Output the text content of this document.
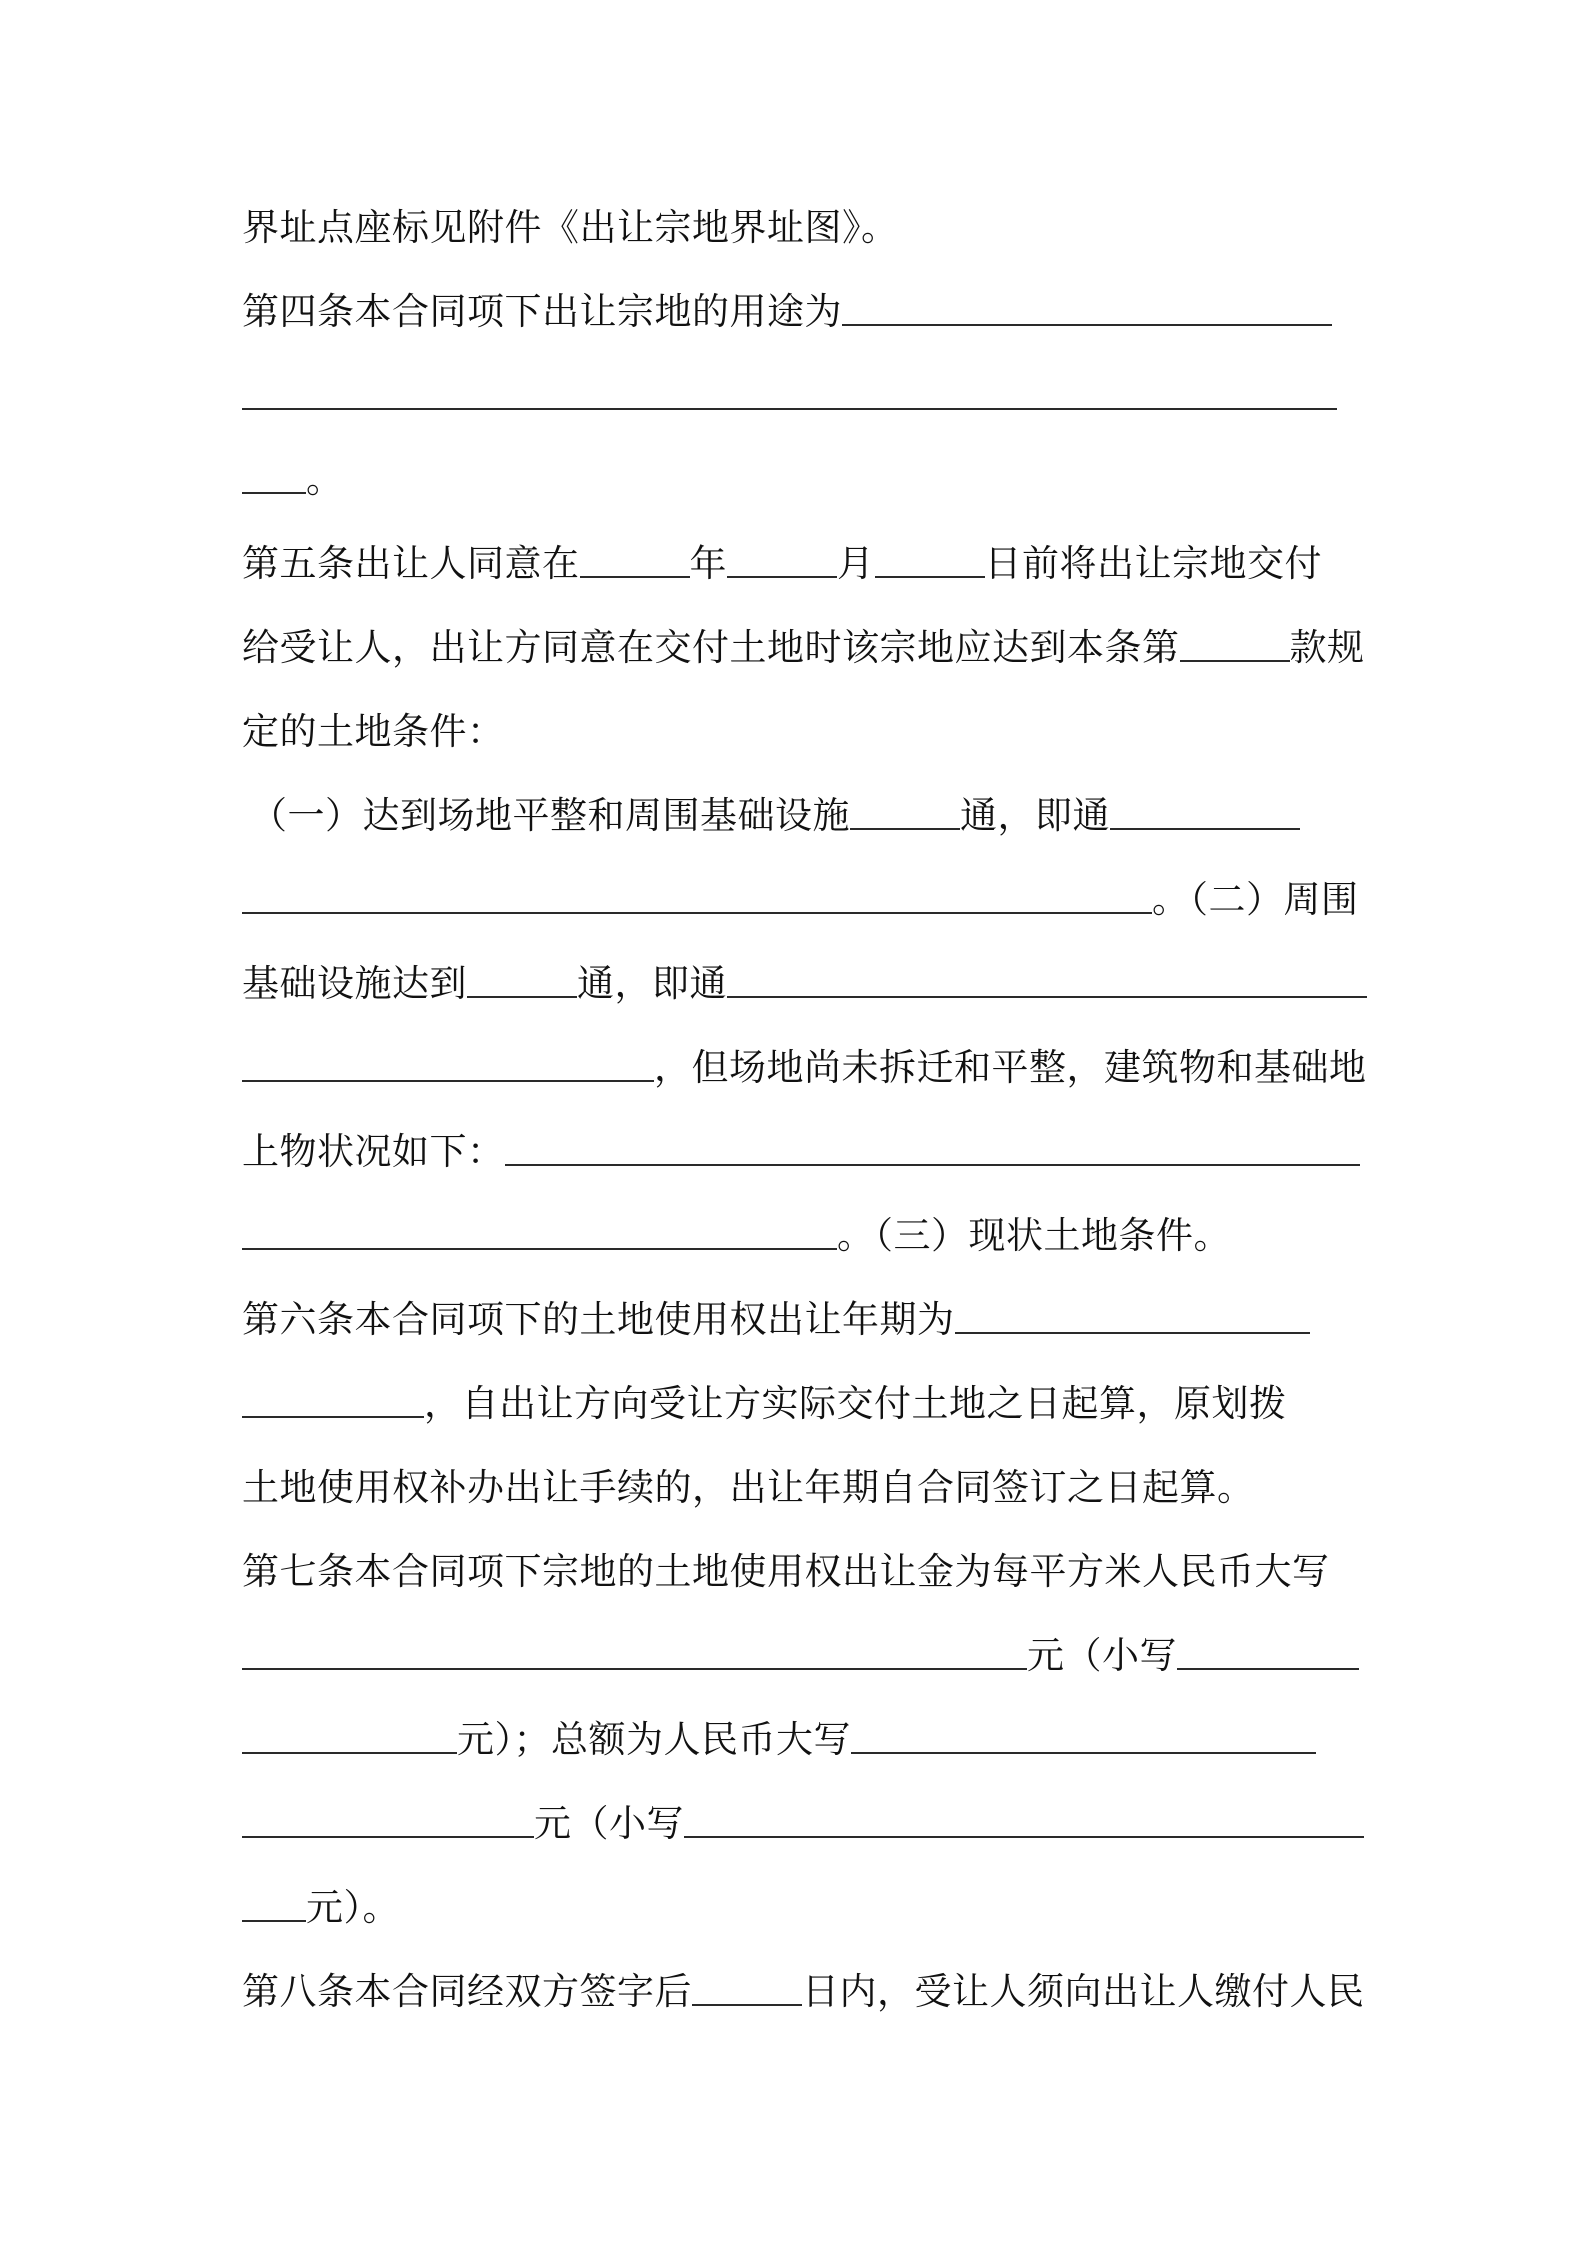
界址点座标见附件《出让宗地界址图》。
第四条本合同项下出让宗地的用途为
。
第五条出让人同意在	年	月	日前将出让宗地交付
给受让人，出让方同意在交付土地时该宗地应达到本条第	款规
定的土地条件：
（一）达到场地平整和周围基础设施	通，即通
。（二）周围
基础设施达到	通，即通
，但场地尚未拆迁和平整，建筑物和基础地
上物状况如下：
。（三）现状土地条件。
第六条本合同项下的土地使用权出让年期为
，自出让方向受让方实际交付土地之日起算，原划拨
土地使用权补办出让手续的，出让年期自合同签订之日起算。
第七条本合同项下宗地的土地使用权出让金为每平方米人民币大写
元（小写
元）；总额为人民币大写
元（小写
元）。
第八条本合同经双方签字后	日内，受让人须向出让人缴付人民
